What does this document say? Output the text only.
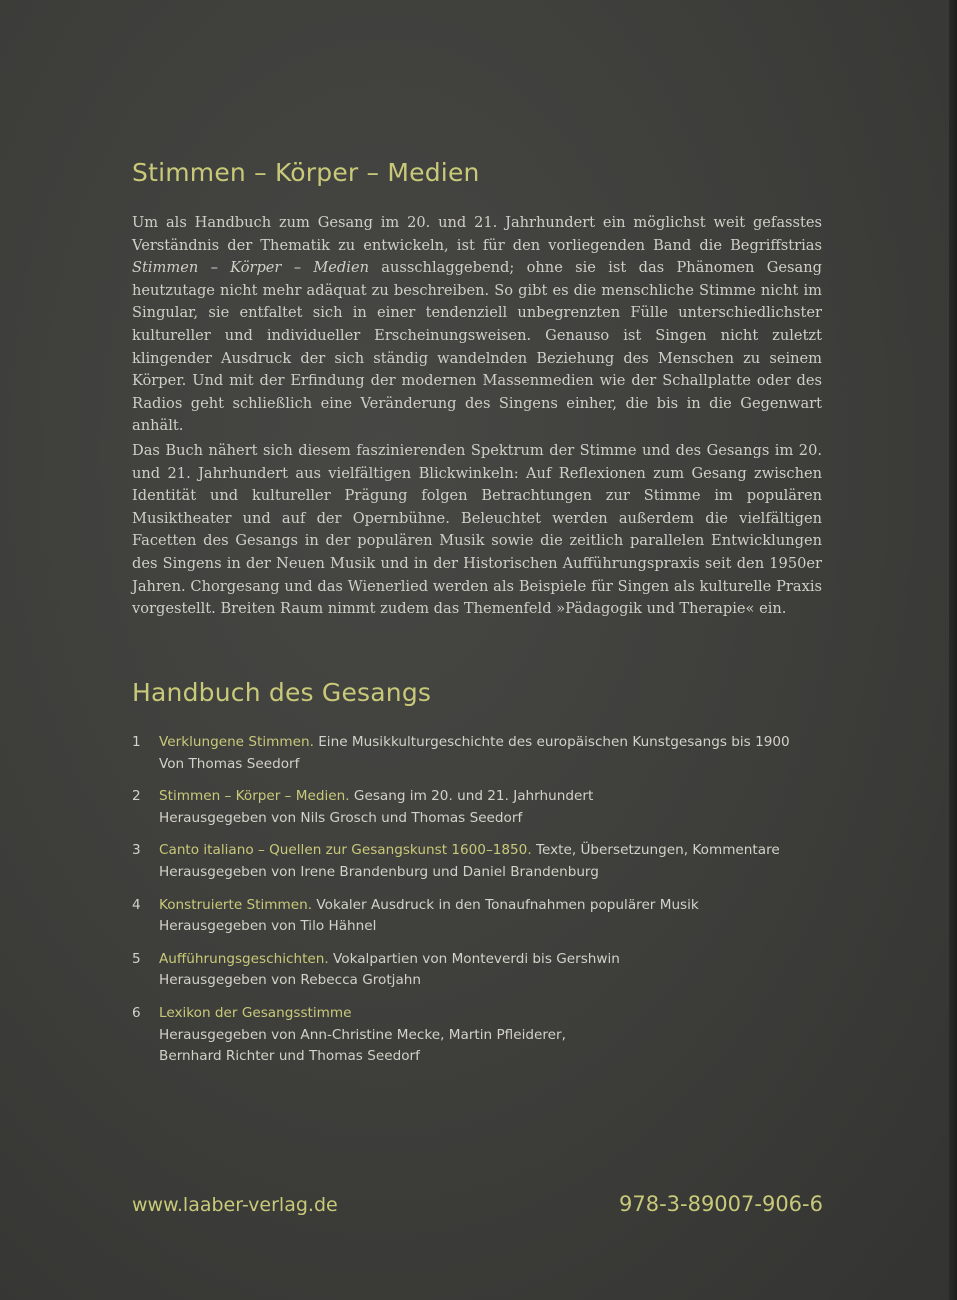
Stimmen – Körper – Medien

Um als Handbuch zum Gesang im 20. und 21. Jahrhundert ein möglichst weit gefasstes Verständnis der Thematik zu entwickeln, ist für den vorliegenden Band die Begriffstrias Stimmen – Körper – Medien ausschlaggebend; ohne sie ist das Phänomen Gesang heutzutage nicht mehr adäquat zu beschreiben. So gibt es die menschliche Stimme nicht im Singular, sie entfaltet sich in einer tendenziell unbegrenzten Fülle unterschiedlichster kultureller und individueller Erscheinungsweisen. Genauso ist Singen nicht zuletzt klingender Ausdruck der sich ständig wandelnden Beziehung des Menschen zu seinem Körper. Und mit der Erfindung der modernen Massenmedien wie der Schallplatte oder des Radios geht schließlich eine Veränderung des Singens einher, die bis in die Gegenwart anhält.

Das Buch nähert sich diesem faszinierenden Spektrum der Stimme und des Gesangs im 20. und 21. Jahrhundert aus vielfältigen Blickwinkeln: Auf Reflexionen zum Gesang zwischen Identität und kultureller Prägung folgen Betrachtungen zur Stimme im populären Musiktheater und auf der Opernbühne. Beleuchtet werden außerdem die vielfältigen Facetten des Gesangs in der populären Musik sowie die zeitlich parallelen Entwicklungen des Singens in der Neuen Musik und in der Historischen Aufführungspraxis seit den 1950er Jahren. Chorgesang und das Wienerlied werden als Beispiele für Singen als kulturelle Praxis vorgestellt. Breiten Raum nimmt zudem das Themenfeld »Pädagogik und Therapie« ein.

Handbuch des Gesangs
1	Verklungene Stimmen. Eine Musikkulturgeschichte des europäischen Kunstgesangs bis 1900
Von Thomas Seedorf
2	Stimmen – Körper – Medien. Gesang im 20. und 21. Jahrhundert
Herausgegeben von Nils Grosch und Thomas Seedorf
3	Canto italiano – Quellen zur Gesangskunst 1600–1850. Texte, Übersetzungen, Kommentare
Herausgegeben von Irene Brandenburg und Daniel Brandenburg
4	Konstruierte Stimmen. Vokaler Ausdruck in den Tonaufnahmen populärer Musik
Herausgegeben von Tilo Hähnel
5	Aufführungsgeschichten. Vokalpartien von Monteverdi bis Gershwin
Herausgegeben von Rebecca Grotjahn
6	Lexikon der Gesangsstimme
Herausgegeben von Ann-Christine Mecke, Martin Pfleiderer,
Bernhard Richter und Thomas Seedorf
www.laaber-verlag.de	978-3-89007-906-6
